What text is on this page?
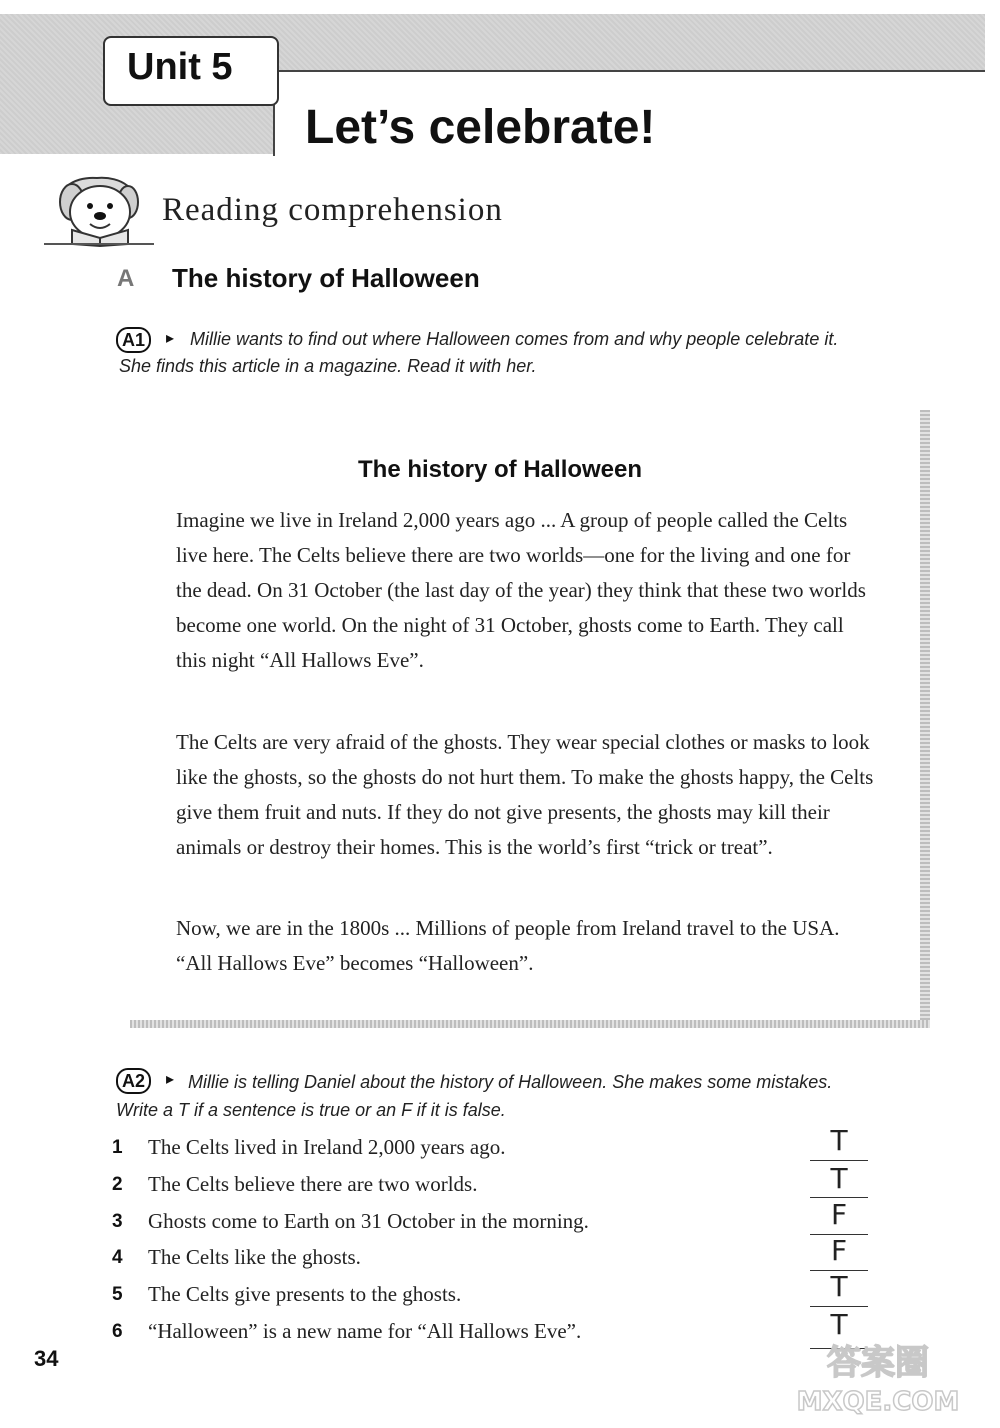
Unit 5
Let’s celebrate!
Reading comprehension
A The history of Halloween
A1	▸ Millie wants to find out where Halloween comes from and why people celebrate it.

She finds this article in a magazine. Read it with her.

The history of Halloween

Imagine we live in Ireland 2,000 years ago ... A group of people called the Celts live here. The Celts believe there are two worlds—one for the living and one for the dead. On 31 October (the last day of the year) they think that these two worlds become one world. On the night of 31 October, ghosts come to Earth. They call this night “All Hallows Eve”.

The Celts are very afraid of the ghosts. They wear special clothes or masks to look like the ghosts, so the ghosts do not hurt them. To make the ghosts happy, the Celts give them fruit and nuts. If they do not give presents, the ghosts may kill their animals or destroy their homes. This is the world’s first “trick or treat”.

Now, we are in the 1800s ... Millions of people from Ireland travel to the USA. “All Hallows Eve” becomes “Halloween”.

A2	▸ Millie is telling Daniel about the history of Halloween. She makes some mistakes.

Write a T if a sentence is true or an F if it is false.

1 The Celts lived in Ireland 2,000 years ago.	T
2 The Celts believe there are two worlds.	T
3 Ghosts come to Earth on 31 October in the morning.	F
4 The Celts like the ghosts.	F
5 The Celts give presents to the ghosts.	T
6 “Halloween” is a new name for “All Hallows Eve”.	T
34	答案圈
MXQE.COM
